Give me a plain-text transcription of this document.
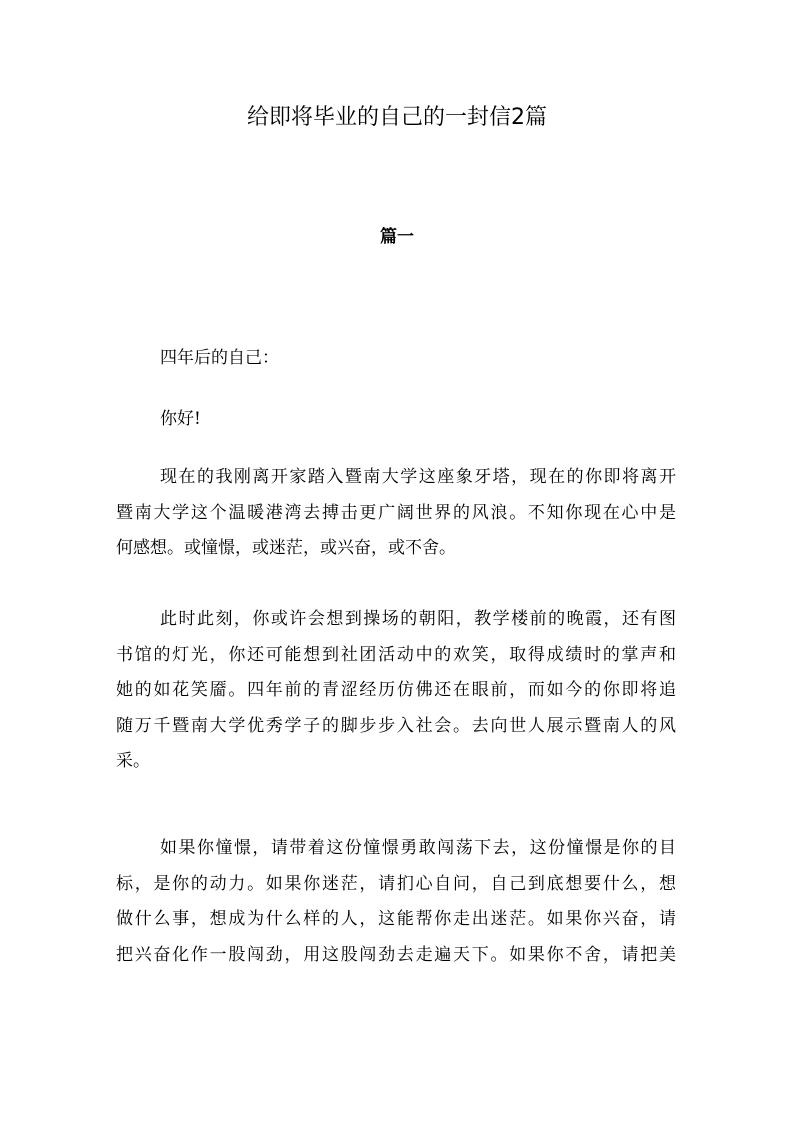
给即将毕业的自己的一封信2篇
篇一

四年后的自己：

你好!

现在的我刚离开家踏入暨南大学这座象牙塔，现在的你即将离开
暨南大学这个温暖港湾去搏击更广阔世界的风浪。不知你现在心中是
何感想。或憧憬，或迷茫，或兴奋，或不舍。
此时此刻，你或许会想到操场的朝阳，教学楼前的晚霞，还有图
书馆的灯光，你还可能想到社团活动中的欢笑，取得成绩时的掌声和
她的如花笑靥。四年前的青涩经历仿佛还在眼前，而如今的你即将追
随万千暨南大学优秀学子的脚步步入社会。去向世人展示暨南人的风
采。
如果你憧憬，请带着这份憧憬勇敢闯荡下去，这份憧憬是你的目
标，是你的动力。如果你迷茫，请扪心自问，自己到底想要什么，想
做什么事，想成为什么样的人，这能帮你走出迷茫。如果你兴奋，请
把兴奋化作一股闯劲，用这股闯劲去走遍天下。如果你不舍，请把美
